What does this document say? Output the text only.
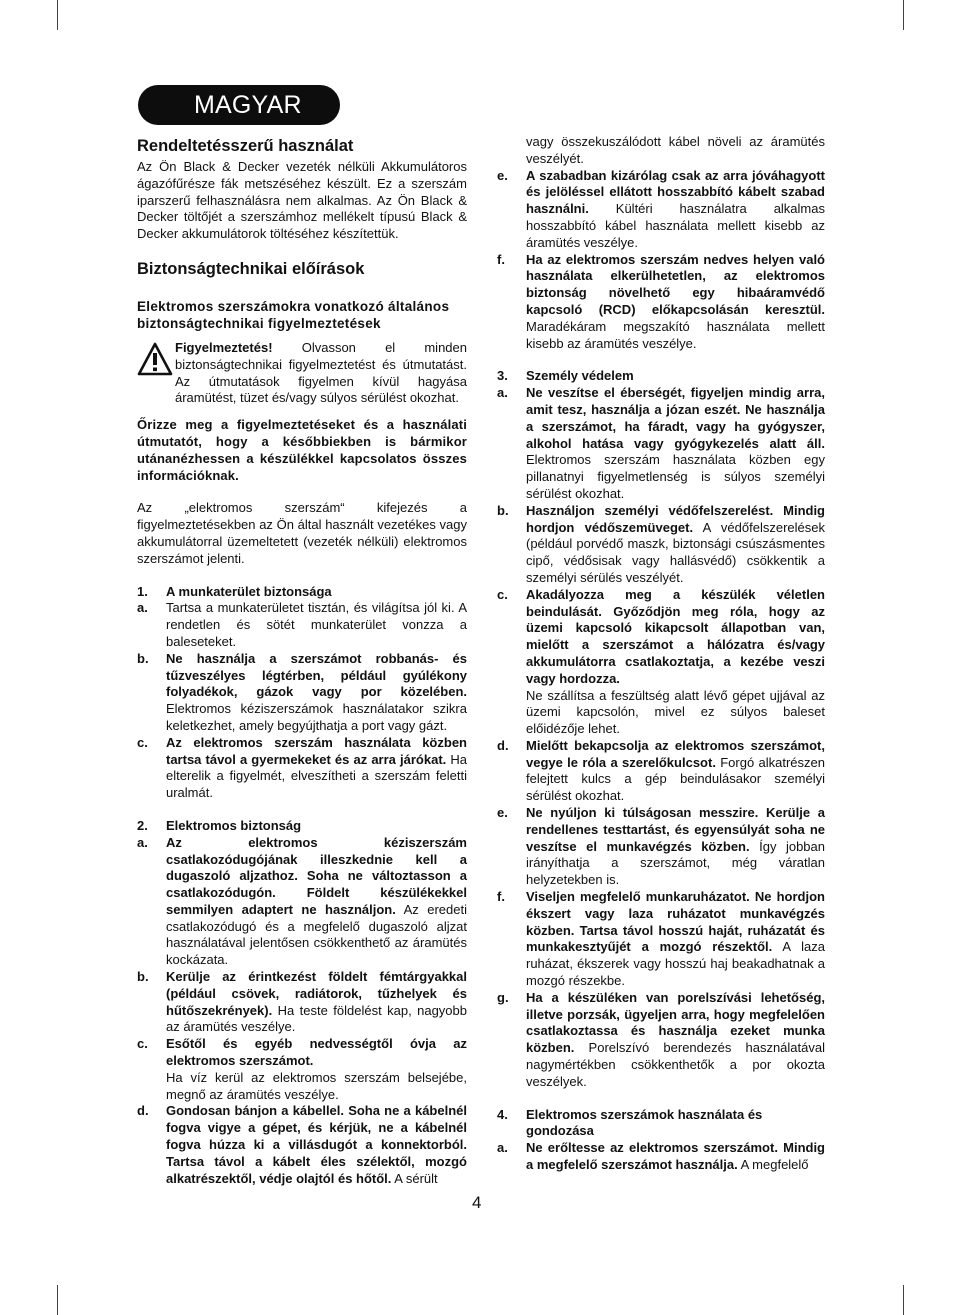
MAGYAR
Rendeltetésszerű használat

Az Ön Black & Decker vezeték nélküli Akkumulátoros ágazófűrésze fák metszéséhez készült. Ez a szerszám iparszerű felhasználásra nem alkalmas. Az Ön Black & Decker töltőjét a szerszámhoz mellékelt típusú Black & Decker akkumulátorok töltéséhez készítettük.

Biztonságtechnikai előírások
Elektromos szerszámokra vonatkozó általános biztonságtechnikai figyelmeztetések

Figyelmeztetés! Olvasson el minden biztonságtechnikai figyelmeztetést és útmutatást. Az útmutatások figyelmen kívül hagyása áramütést, tüzet és/vagy súlyos sérülést okozhat.

Őrizze meg a figyelmeztetéseket és a használati útmutatót, hogy a későbbiekben is bármikor utánanézhessen a készülékkel kapcsolatos összes információknak.

Az „elektromos szerszám“ kifejezés a figyelmeztetésekben az Ön által használt vezetékes vagy akkumulátorral üzemeltetett (vezeték nélküli) elektromos szerszámot jelenti.

1.	A munkaterület biztonsága
a.	Tartsa a munkaterületet tisztán, és világítsa jól ki. A rendetlen és sötét munkaterület vonzza a baleseteket.
b.	Ne használja a szerszámot robbanás- és tűzveszélyes légtérben, például gyúlékony folyadékok, gázok vagy por közelében. Elektromos kéziszerszámok használatakor szikra keletkezhet, amely begyújthatja a port vagy gázt.
c.	Az elektromos szerszám használata közben tartsa távol a gyermekeket és az arra járókat. Ha elterelik a figyelmét, elveszítheti a szerszám feletti uralmát.
2.	Elektromos biztonság
a.	Az elektromos kéziszerszám csatlakozódugójának illeszkednie kell a dugaszoló aljzathoz. Soha ne változtasson a csatlakozódugón. Földelt készülékekkel semmilyen adaptert ne használjon. Az eredeti csatlakozódugó és a megfelelő dugaszoló aljzat használatával jelentősen csökkenthető az áramütés kockázata.
b.	Kerülje az érintkezést földelt fémtárgyakkal (például csövek, radiátorok, tűzhelyek és hűtőszekrények). Ha teste földelést kap, nagyobb az áramütés veszélye.
c.	Esőtől és egyéb nedvességtől óvja az elektromos szerszámot.
Ha víz kerül az elektromos szerszám belsejébe, megnő az áramütés veszélye.
d.	Gondosan bánjon a kábellel. Soha ne a kábelnél fogva vigye a gépet, és kérjük, ne a kábelnél fogva húzza ki a villásdugót a konnektorból. Tartsa távol a kábelt éles szélektől, mozgó alkatrészektől, védje olajtól és hőtől. A sérült
vagy összekuszálódott kábel növeli az áramütés veszélyét.
e.	A szabadban kizárólag csak az arra jóváhagyott és jelöléssel ellátott hosszabbító kábelt szabad használni. Kültéri használatra alkalmas hosszabbító kábel használata mellett kisebb az áramütés veszélye.
f.	Ha az elektromos szerszám nedves helyen való használata elkerülhetetlen, az elektromos biztonság növelhető egy hibaáramvédő kapcsoló (RCD) előkapcsolásán keresztül. Maradékáram megszakító használata mellett kisebb az áramütés veszélye.
3.	Személy védelem
a.	Ne veszítse el éberségét, figyeljen mindig arra, amit tesz, használja a józan eszét. Ne használja a szerszámot, ha fáradt, vagy ha gyógyszer, alkohol hatása vagy gyógykezelés alatt áll. Elektromos szerszám használata közben egy pillanatnyi figyelmetlenség is súlyos személyi sérülést okozhat.
b.	Használjon személyi védőfelszerelést. Mindig hordjon védőszemüveget. A védőfelszerelések (például porvédő maszk, biztonsági csúszásmentes cipő, védősisak vagy hallásvédő) csökkentik a személyi sérülés veszélyét.
c.	Akadályozza meg a készülék véletlen beindulását. Győződjön meg róla, hogy az üzemi kapcsoló kikapcsolt állapotban van, mielőtt a szerszámot a hálózatra és/vagy akkumulátorra csatlakoztatja, a kezébe veszi vagy hordozza.
Ne szállítsa a feszültség alatt lévő gépet ujjával az üzemi kapcsolón, mivel ez súlyos baleset előidézője lehet.
d.	Mielőtt bekapcsolja az elektromos szerszámot, vegye le róla a szerelőkulcsot. Forgó alkatrészen felejtett kulcs a gép beindulásakor személyi sérülést okozhat.
e.	Ne nyúljon ki túlságosan messzire. Kerülje a rendellenes testtartást, és egyensúlyát soha ne veszítse el munkavégzés közben. Így jobban irányíthatja a szerszámot, még váratlan helyzetekben is.
f.	Viseljen megfelelő munkaruházatot. Ne hordjon ékszert vagy laza ruházatot munkavégzés közben. Tartsa távol hosszú haját, ruházatát és munkakesztyűjét a mozgó részektől. A laza ruházat, ékszerek vagy hosszú haj beakadhatnak a mozgó részekbe.
g.	Ha a készüléken van porelszívási lehetőség, illetve porzsák, ügyeljen arra, hogy megfelelően csatlakoztassa és használja ezeket munka közben. Porelszívó berendezés használatával nagymértékben csökkenthetők a por okozta veszélyek.
4.	Elektromos szerszámok használata és gondozása
a.	Ne erőltesse az elektromos szerszámot. Mindig a megfelelő szerszámot használja. A megfelelő
4
